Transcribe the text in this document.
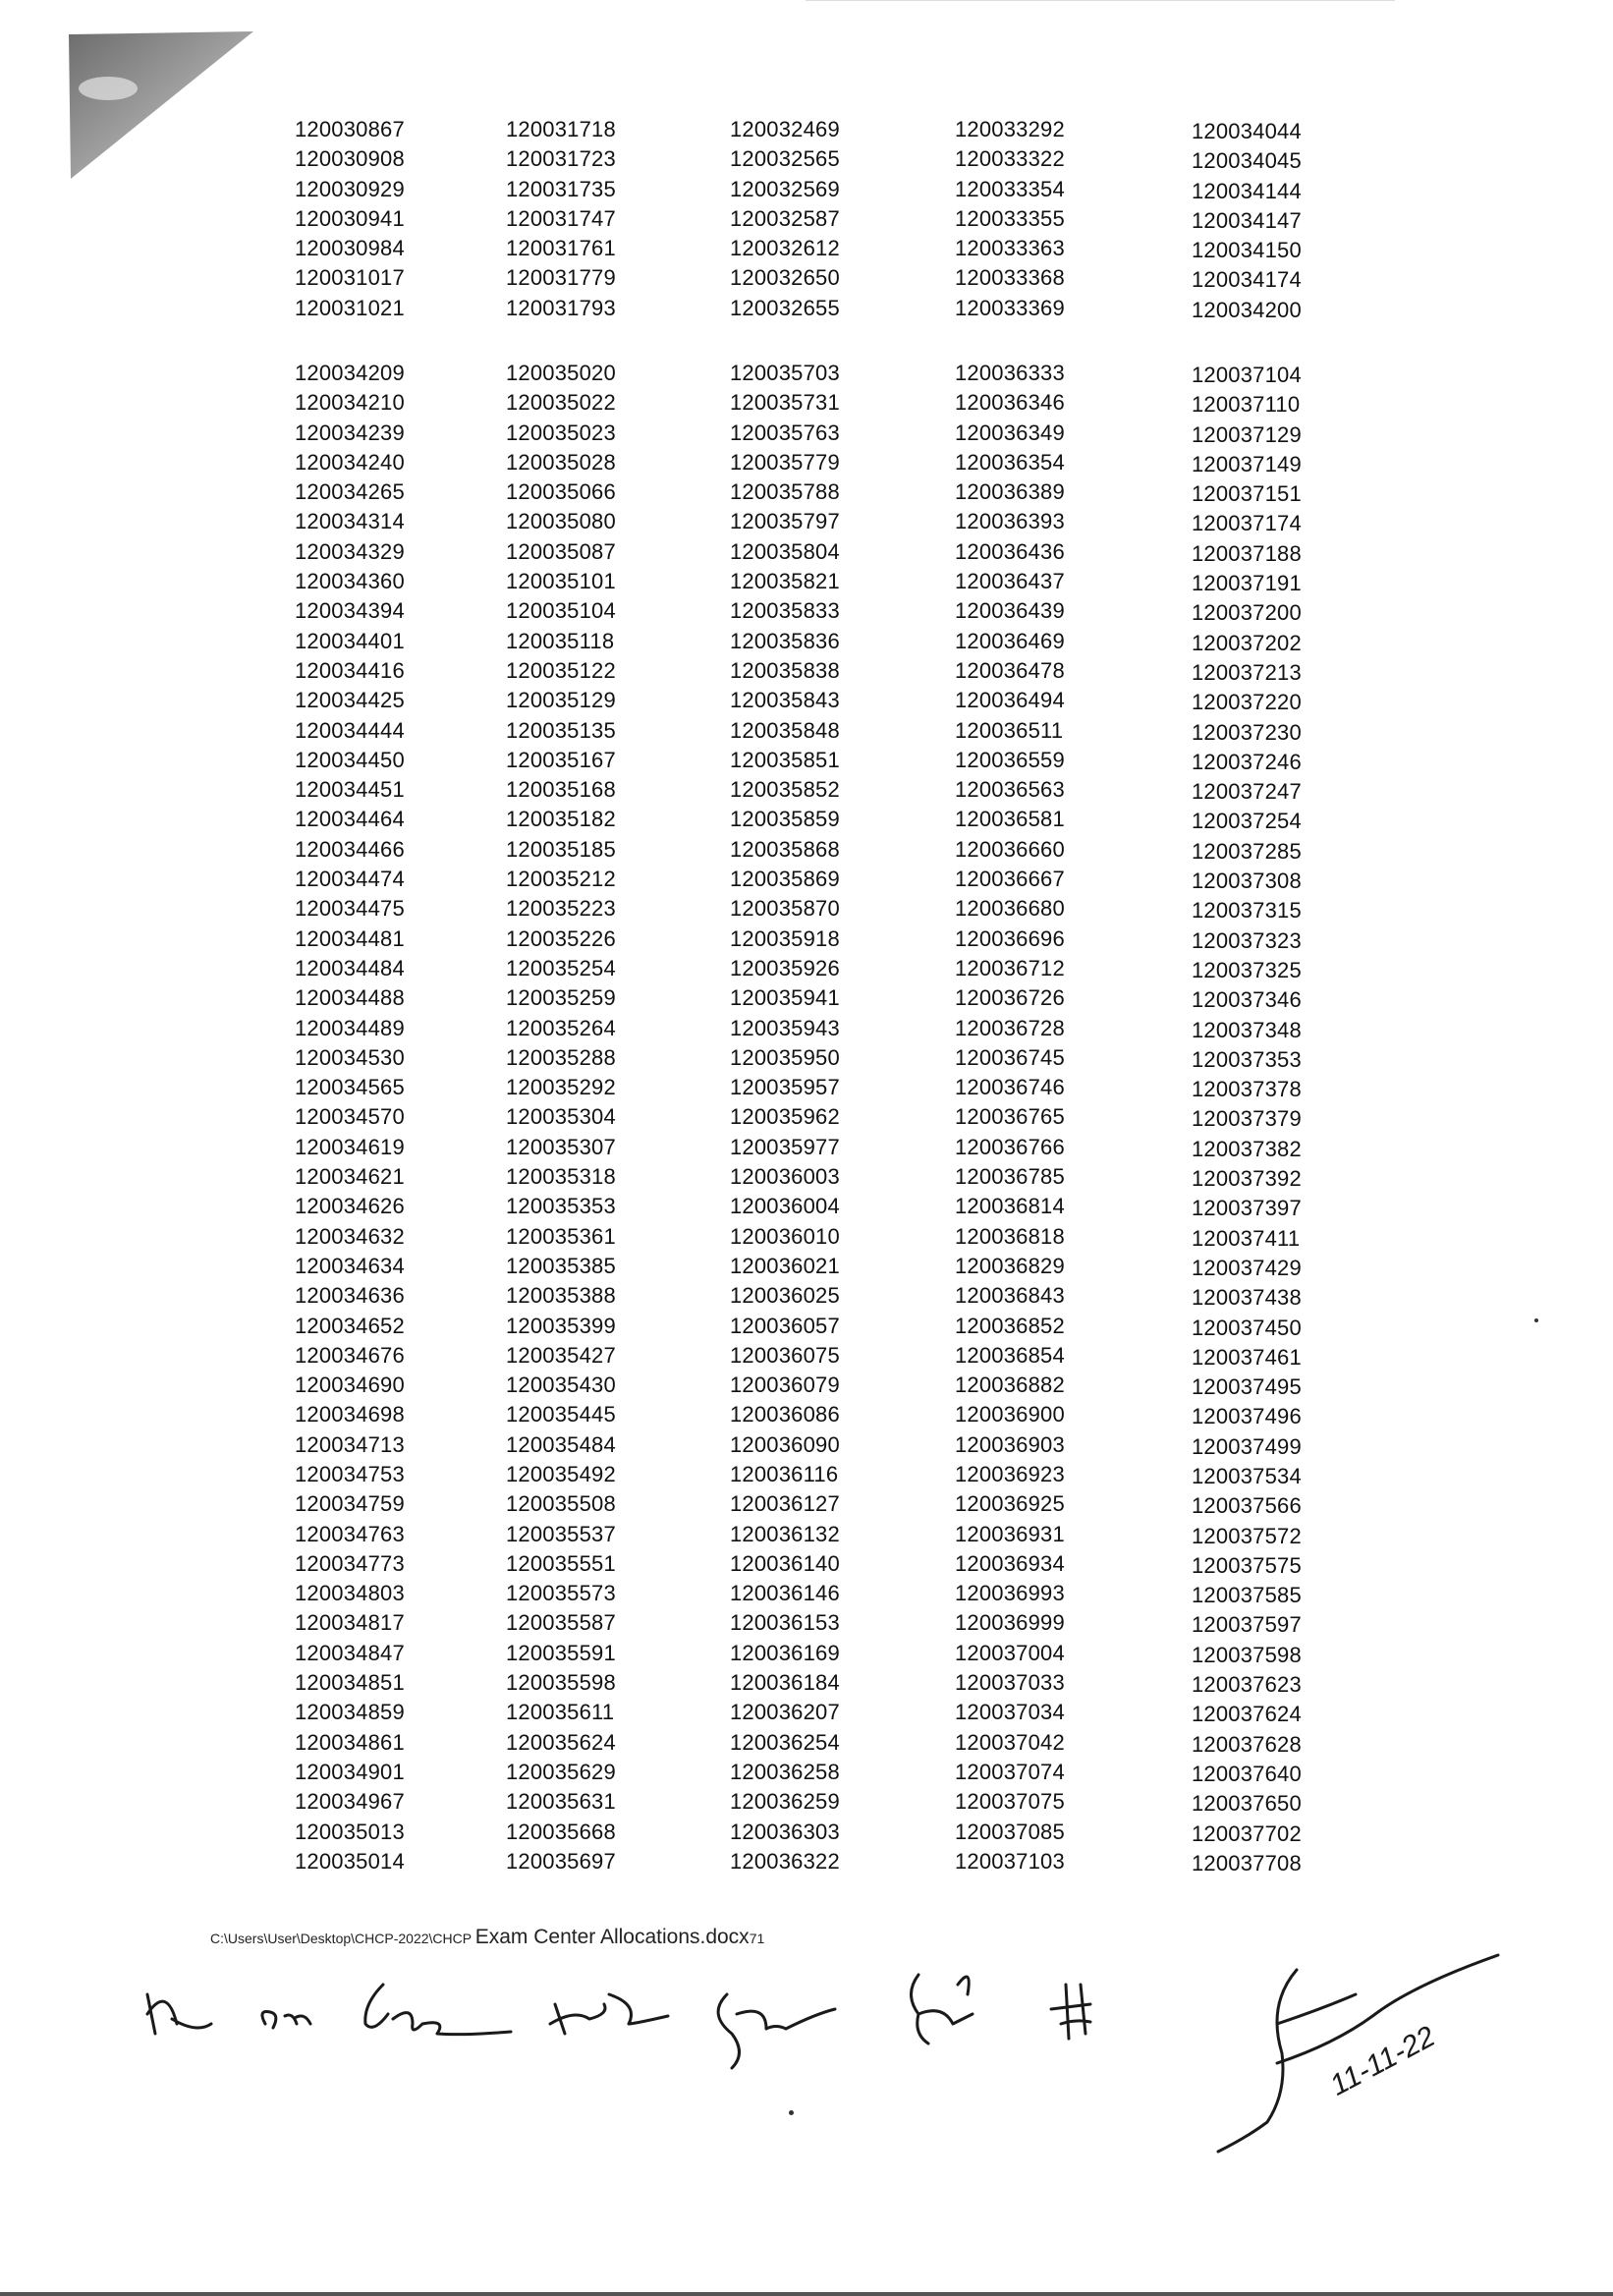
120030867
120030908
120030929
120030941
120030984
120031017
120031021
120031718
120031723
120031735
120031747
120031761
120031779
120031793
120032469
120032565
120032569
120032587
120032612
120032650
120032655
120033292
120033322
120033354
120033355
120033363
120033368
120033369
120034044
120034045
120034144
120034147
120034150
120034174
120034200
120034209
120034210
120034239
120034240
120034265
120034314
120034329
120034360
120034394
120034401
120034416
120034425
120034444
120034450
120034451
120034464
120034466
120034474
120034475
120034481
120034484
120034488
120034489
120034530
120034565
120034570
120034619
120034621
120034626
120034632
120034634
120034636
120034652
120034676
120034690
120034698
120034713
120034753
120034759
120034763
120034773
120034803
120034817
120034847
120034851
120034859
120034861
120034901
120034967
120035013
120035014
120035020
120035022
120035023
120035028
120035066
120035080
120035087
120035101
120035104
120035118
120035122
120035129
120035135
120035167
120035168
120035182
120035185
120035212
120035223
120035226
120035254
120035259
120035264
120035288
120035292
120035304
120035307
120035318
120035353
120035361
120035385
120035388
120035399
120035427
120035430
120035445
120035484
120035492
120035508
120035537
120035551
120035573
120035587
120035591
120035598
120035611
120035624
120035629
120035631
120035668
120035697
120035703
120035731
120035763
120035779
120035788
120035797
120035804
120035821
120035833
120035836
120035838
120035843
120035848
120035851
120035852
120035859
120035868
120035869
120035870
120035918
120035926
120035941
120035943
120035950
120035957
120035962
120035977
120036003
120036004
120036010
120036021
120036025
120036057
120036075
120036079
120036086
120036090
120036116
120036127
120036132
120036140
120036146
120036153
120036169
120036184
120036207
120036254
120036258
120036259
120036303
120036322
120036333
120036346
120036349
120036354
120036389
120036393
120036436
120036437
120036439
120036469
120036478
120036494
120036511
120036559
120036563
120036581
120036660
120036667
120036680
120036696
120036712
120036726
120036728
120036745
120036746
120036765
120036766
120036785
120036814
120036818
120036829
120036843
120036852
120036854
120036882
120036900
120036903
120036923
120036925
120036931
120036934
120036993
120036999
120037004
120037033
120037034
120037042
120037074
120037075
120037085
120037103
120037104
120037110
120037129
120037149
120037151
120037174
120037188
120037191
120037200
120037202
120037213
120037220
120037230
120037246
120037247
120037254
120037285
120037308
120037315
120037323
120037325
120037346
120037348
120037353
120037378
120037379
120037382
120037392
120037397
120037411
120037429
120037438
120037450
120037461
120037495
120037496
120037499
120037534
120037566
120037572
120037575
120037585
120037597
120037598
120037623
120037624
120037628
120037640
120037650
120037702
120037708
C:\Users\User\Desktop\CHCP-2022\CHCP Exam Center Allocations.docx71
11-11-22
